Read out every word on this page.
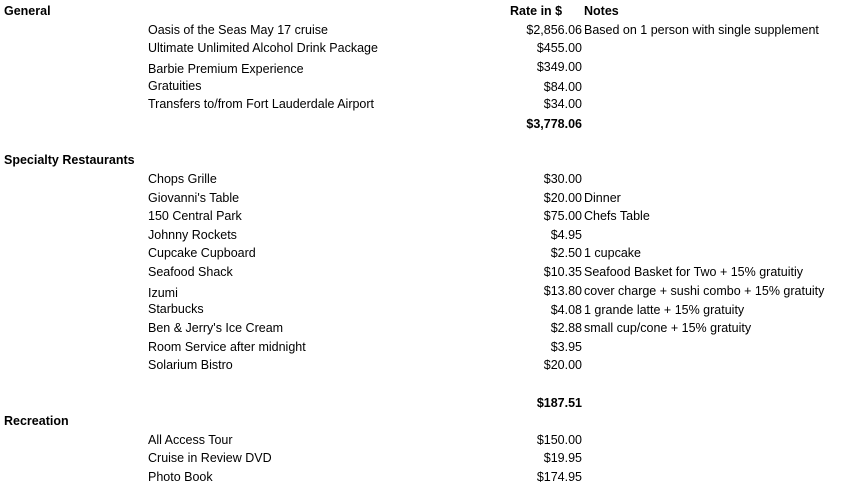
Rate in $ Notes
General
Oasis of the Seas May 17 cruise	$2,856.06 Based on 1 person with single supplement
Ultimate Unlimited Alcohol Drink Package	$455.00
Barbie Premium Experience	$349.00
Gratuities	$84.00
Transfers to/from Fort Lauderdale Airport	$34.00
$3,778.06
Specialty Restaurants
Chops Grille	$30.00
Giovanni's Table	$20.00 Dinner
150 Central Park	$75.00 Chefs Table
Johnny Rockets	$4.95
Cupcake Cupboard	$2.50 1 cupcake
Seafood Shack	$10.35 Seafood Basket for Two + 15% gratuitiy
Izumi	$13.80 cover charge + sushi combo + 15% gratuity
Starbucks	$4.08 1 grande latte + 15% gratuity
Ben & Jerry's Ice Cream	$2.88 small cup/cone + 15% gratuity
Room Service after midnight	$3.95
Solarium Bistro	$20.00
$187.51
Recreation
All Access Tour	$150.00
Cruise in Review DVD	$19.95
Photo Book	$174.95
